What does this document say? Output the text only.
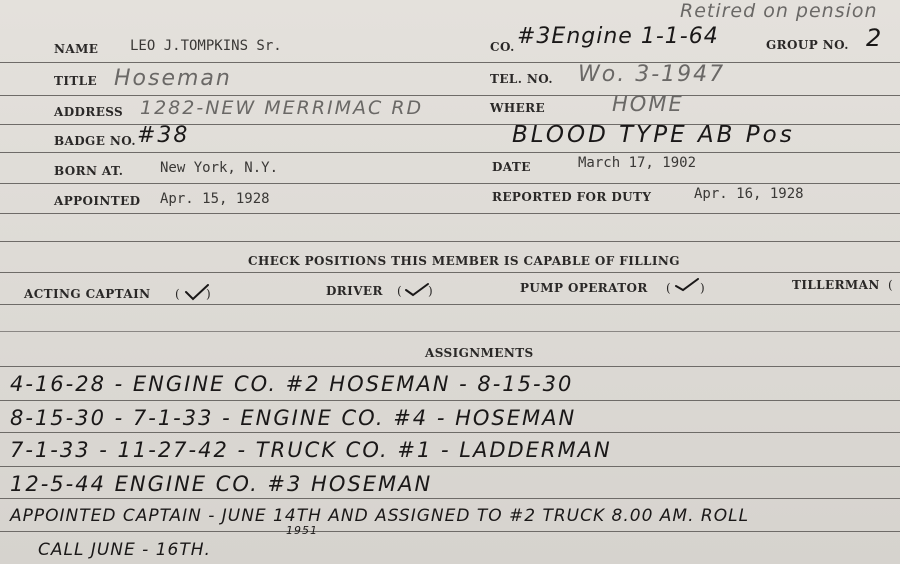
Retired on pension
NAME LEO J.TOMPKINS Sr.	CO. #3Engine 1-1-64	GROUP NO. 2
TITLE Hoseman	TEL. NO. Wo. 3-1947
ADDRESS 1282-NEW MERRIMAC RD	WHERE	HOME
BADGE NO. #38	BLOOD TYPE AB Pos
BORN AT.	New York, N.Y.	DATE	March 17, 1902
APPOINTED Apr. 15, 1928	REPORTED FOR DUTY	Apr. 16, 1928
CHECK POSITIONS THIS MEMBER IS CAPABLE OF FILLING
ACTING CAPTAIN ( )	DRIVER ( )	PUMP OPERATOR ( )	TILLERMAN (
ASSIGNMENTS
4-16-28 - ENGINE CO. #2 HOSEMAN - 8-15-30
8-15-30 - 7-1-33 - ENGINE CO. #4 - HOSEMAN
7-1-33 - 11-27-42 - TRUCK CO. #1 - LADDERMAN
12-5-44 ENGINE CO. #3 HOSEMAN
APPOINTED CAPTAIN - JUNE 14TH AND ASSIGNED TO #2 TRUCK 8.00 AM. ROLL
1951
CALL JUNE - 16TH.
